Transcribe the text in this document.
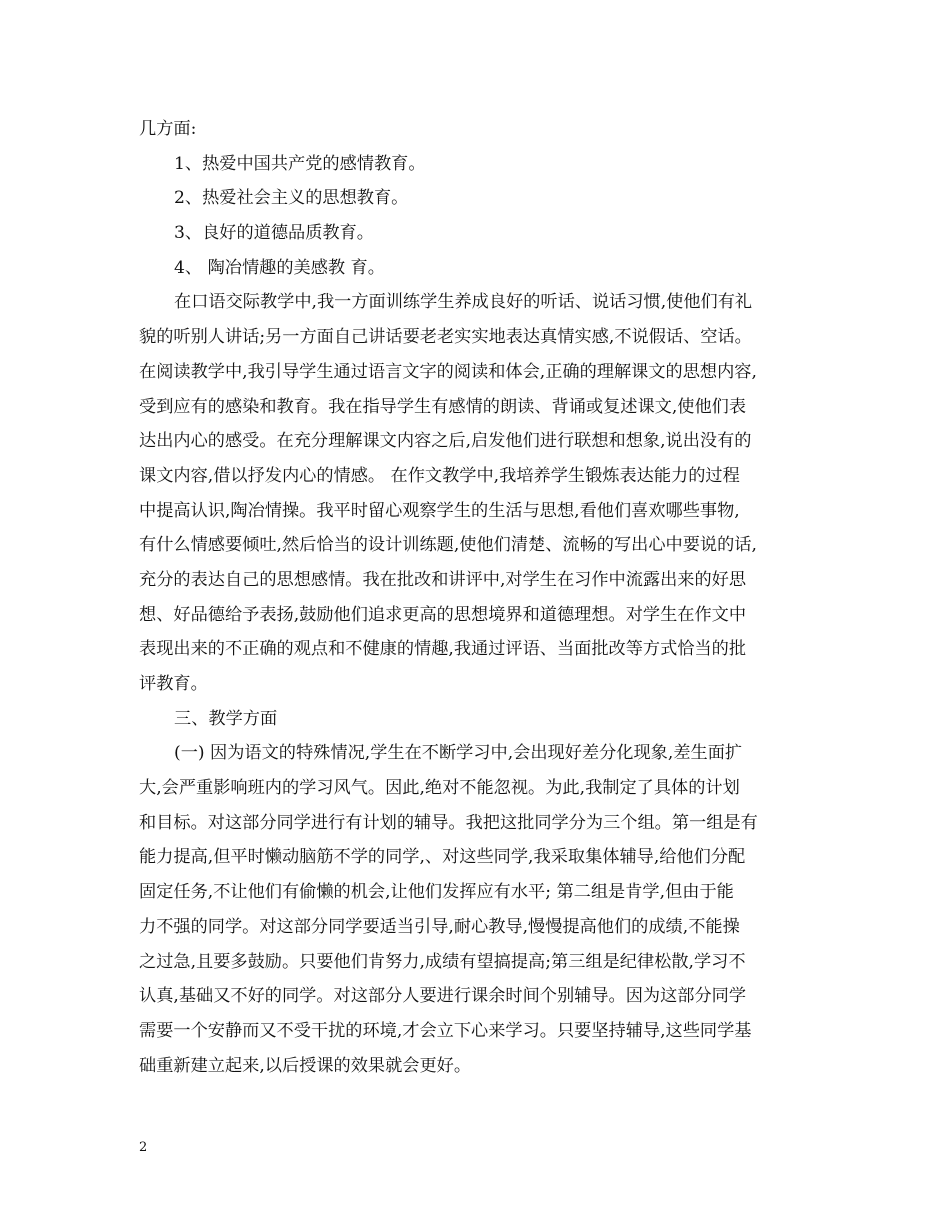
几方面:
1、热爱中国共产党的感情教育。
2、热爱社会主义的思想教育。
3、良好的道德品质教育。
4、 陶冶情趣的美感教 育。
在口语交际教学中,我一方面训练学生养成良好的听话、说话习惯,使他们有礼
貌的听别人讲话;另一方面自己讲话要老老实实地表达真情实感,不说假话、空话。
在阅读教学中,我引导学生通过语言文字的阅读和体会,正确的理解课文的思想内容,
受到应有的感染和教育。我在指导学生有感情的朗读、背诵或复述课文,使他们表
达出内心的感受。在充分理解课文内容之后,启发他们进行联想和想象,说出没有的
课文内容,借以抒发内心的情感。 在作文教学中,我培养学生锻炼表达能力的过程
中提高认识,陶冶情操。我平时留心观察学生的生活与思想,看他们喜欢哪些事物,
有什么情感要倾吐,然后恰当的设计训练题,使他们清楚、流畅的写出心中要说的话,
充分的表达自己的思想感情。我在批改和讲评中,对学生在习作中流露出来的好思
想、好品德给予表扬,鼓励他们追求更高的思想境界和道德理想。对学生在作文中
表现出来的不正确的观点和不健康的情趣,我通过评语、当面批改等方式恰当的批
评教育。
三、教学方面
(一) 因为语文的特殊情况,学生在不断学习中,会出现好差分化现象,差生面扩
大,会严重影响班内的学习风气。因此,绝对不能忽视。为此,我制定了具体的计划
和目标。对这部分同学进行有计划的辅导。我把这批同学分为三个组。第一组是有
能力提高,但平时懒动脑筋不学的同学,、对这些同学,我采取集体辅导,给他们分配
固定任务,不让他们有偷懒的机会,让他们发挥应有水平; 第二组是肯学,但由于能
力不强的同学。对这部分同学要适当引导,耐心教导,慢慢提高他们的成绩,不能操
之过急,且要多鼓励。只要他们肯努力,成绩有望搞提高;第三组是纪律松散,学习不
认真,基础又不好的同学。对这部分人要进行课余时间个别辅导。因为这部分同学
需要一个安静而又不受干扰的环境,才会立下心来学习。只要坚持辅导,这些同学基
础重新建立起来,以后授课的效果就会更好。
2
